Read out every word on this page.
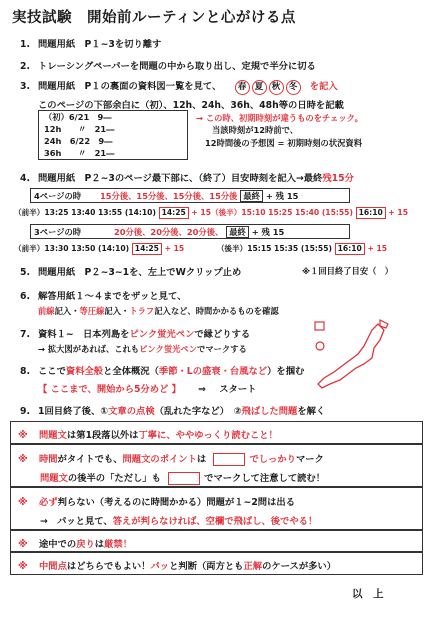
実技試験　開始前ルーティンと心がける点
1. 問題用紙　P１~3を切り離す
2. トレーシングペーパーを問題の中から取り出し、定規で半分に切る
3. 問題用紙　P１の裏面の資料図一覧を見て、 春 夏 秋 冬 を記入
このページの下部余白に（初）、12h、24h、36h、48h等の日時を記載
（初）6/21　9―
12h　　〃　21―
24h　6/22　9―
36h　　〃　21―
→ この時、初期時刻が違うものをチェック。
当該時刻が12時前で、
12時間後の予想図 = 初期時刻の状況資料
4. 問題用紙　P２~3のページ最下部に、（終了）目安時刻を記入→最終残15分
4ページの時 15分後、15分後、15分後、15分後 最終 + 残 15
（前半）13:25 13:40 13:55 (14:10) 14:25 + 15（後半）15:10 15:25 15:40 (15:55) 16:10 + 15
3ページの時	20分後、20分後、20分後、 最終 + 残 15
（前半）13:30 13:50 (14:10) 14:25 + 15	（後半）15:15 15:35 (15:55) 16:10 + 15
5. 問題用紙　P２~3~1を、左上でWクリップ止め	※１回目終了目安（　）
6. 解答用紙１～４までをザッと見て、
前線記入・等圧線記入・トラフ記入など、時間かかるものを確認
7. 資料１~　日本列島をピンク蛍光ペンで縁どりする
→ 拡大図があれば、これもピンク蛍光ペンでマークする
8. ここで資料全般と全体概況（季節・Lの盛衰・台風など）を掴む
【 ここまで、開始から5分めど 】 ⇒ スタート
9. 1回目終了後、①文章の点検（乱れた字など）　②飛ばした問題を解く
※ 問題文は第1段落以外は丁寧に、ややゆっくり読むこと！
※ 時間がタイトでも、問題文のポイントは	でしっかりマーク
問題文の後半の「ただし」も	でマークして注意して読む！
※ 必ず判らない（考えるのに時間かかる）問題が１~2問は出る
→　パッと見て、答えが判らなければ、空欄で飛ばし、後でやる！
※ 途中での戻りは厳禁！
※ 中間点はどちらでもよい！パッと判断（両方とも正解のケースが多い）
以　上
